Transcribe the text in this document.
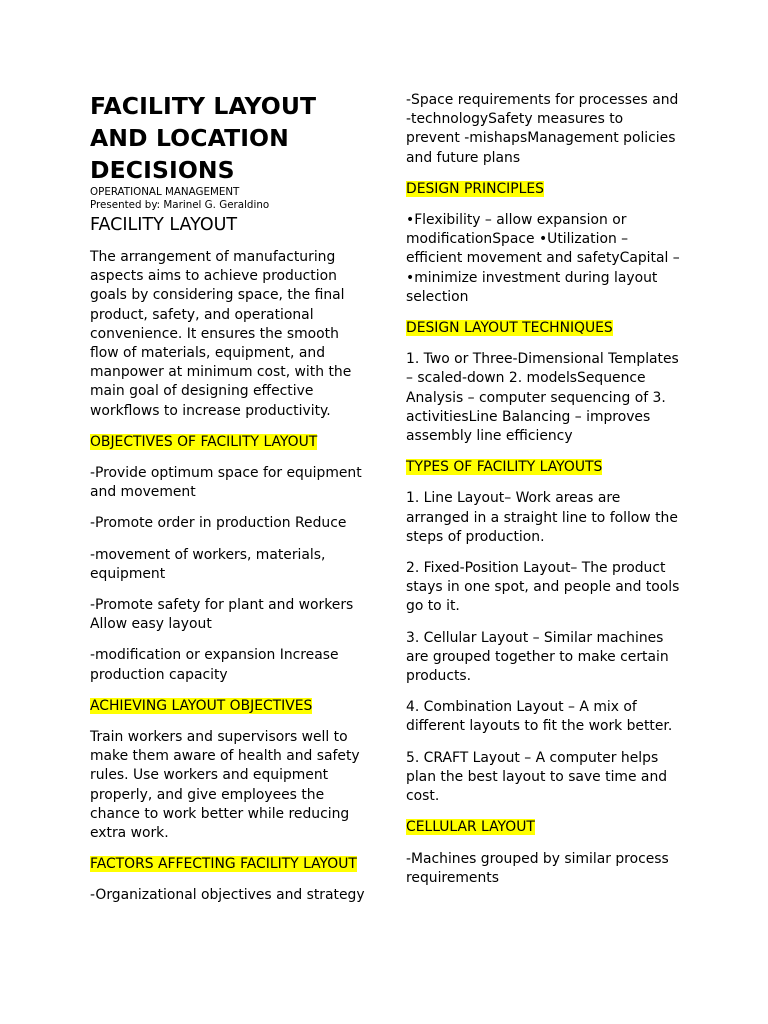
FACILITY LAYOUT AND LOCATION DECISIONS

OPERATIONAL MANAGEMENT

Presented by: Marinel G. Geraldino

FACILITY LAYOUT

The arrangement of manufacturing aspects aims to achieve production goals by considering space, the final product, safety, and operational convenience. It ensures the smooth flow of materials, equipment, and manpower at minimum cost, with the main goal of designing effective workflows to increase productivity.

OBJECTIVES OF FACILITY LAYOUT

-Provide optimum space for equipment and movement

-Promote order in production Reduce

-movement of workers, materials, equipment

-Promote safety for plant and workers Allow easy layout

-modification or expansion Increase production capacity

ACHIEVING LAYOUT OBJECTIVES

Train workers and supervisors well to make them aware of health and safety rules. Use workers and equipment properly, and give employees the chance to work better while reducing extra work.

FACTORS AFFECTING FACILITY LAYOUT

-Organizational objectives and strategy

-Space requirements for processes and -technologySafety measures to prevent -mishapsManagement policies and future plans

DESIGN PRINCIPLES

•Flexibility – allow expansion or modificationSpace •Utilization – efficient movement and safetyCapital – •minimize investment during layout selection

DESIGN LAYOUT TECHNIQUES

1. Two or Three-Dimensional Templates – scaled-down 2. modelsSequence Analysis – computer sequencing of 3. activitiesLine Balancing – improves assembly line efficiency

TYPES OF FACILITY LAYOUTS

1. Line Layout– Work areas are arranged in a straight line to follow the steps of production.

2. Fixed-Position Layout– The product stays in one spot, and people and tools go to it.

3. Cellular Layout – Similar machines are grouped together to make certain products.

4. Combination Layout – A mix of different layouts to fit the work better.

5. CRAFT Layout – A computer helps plan the best layout to save time and cost.

CELLULAR LAYOUT

-Machines grouped by similar process requirements
